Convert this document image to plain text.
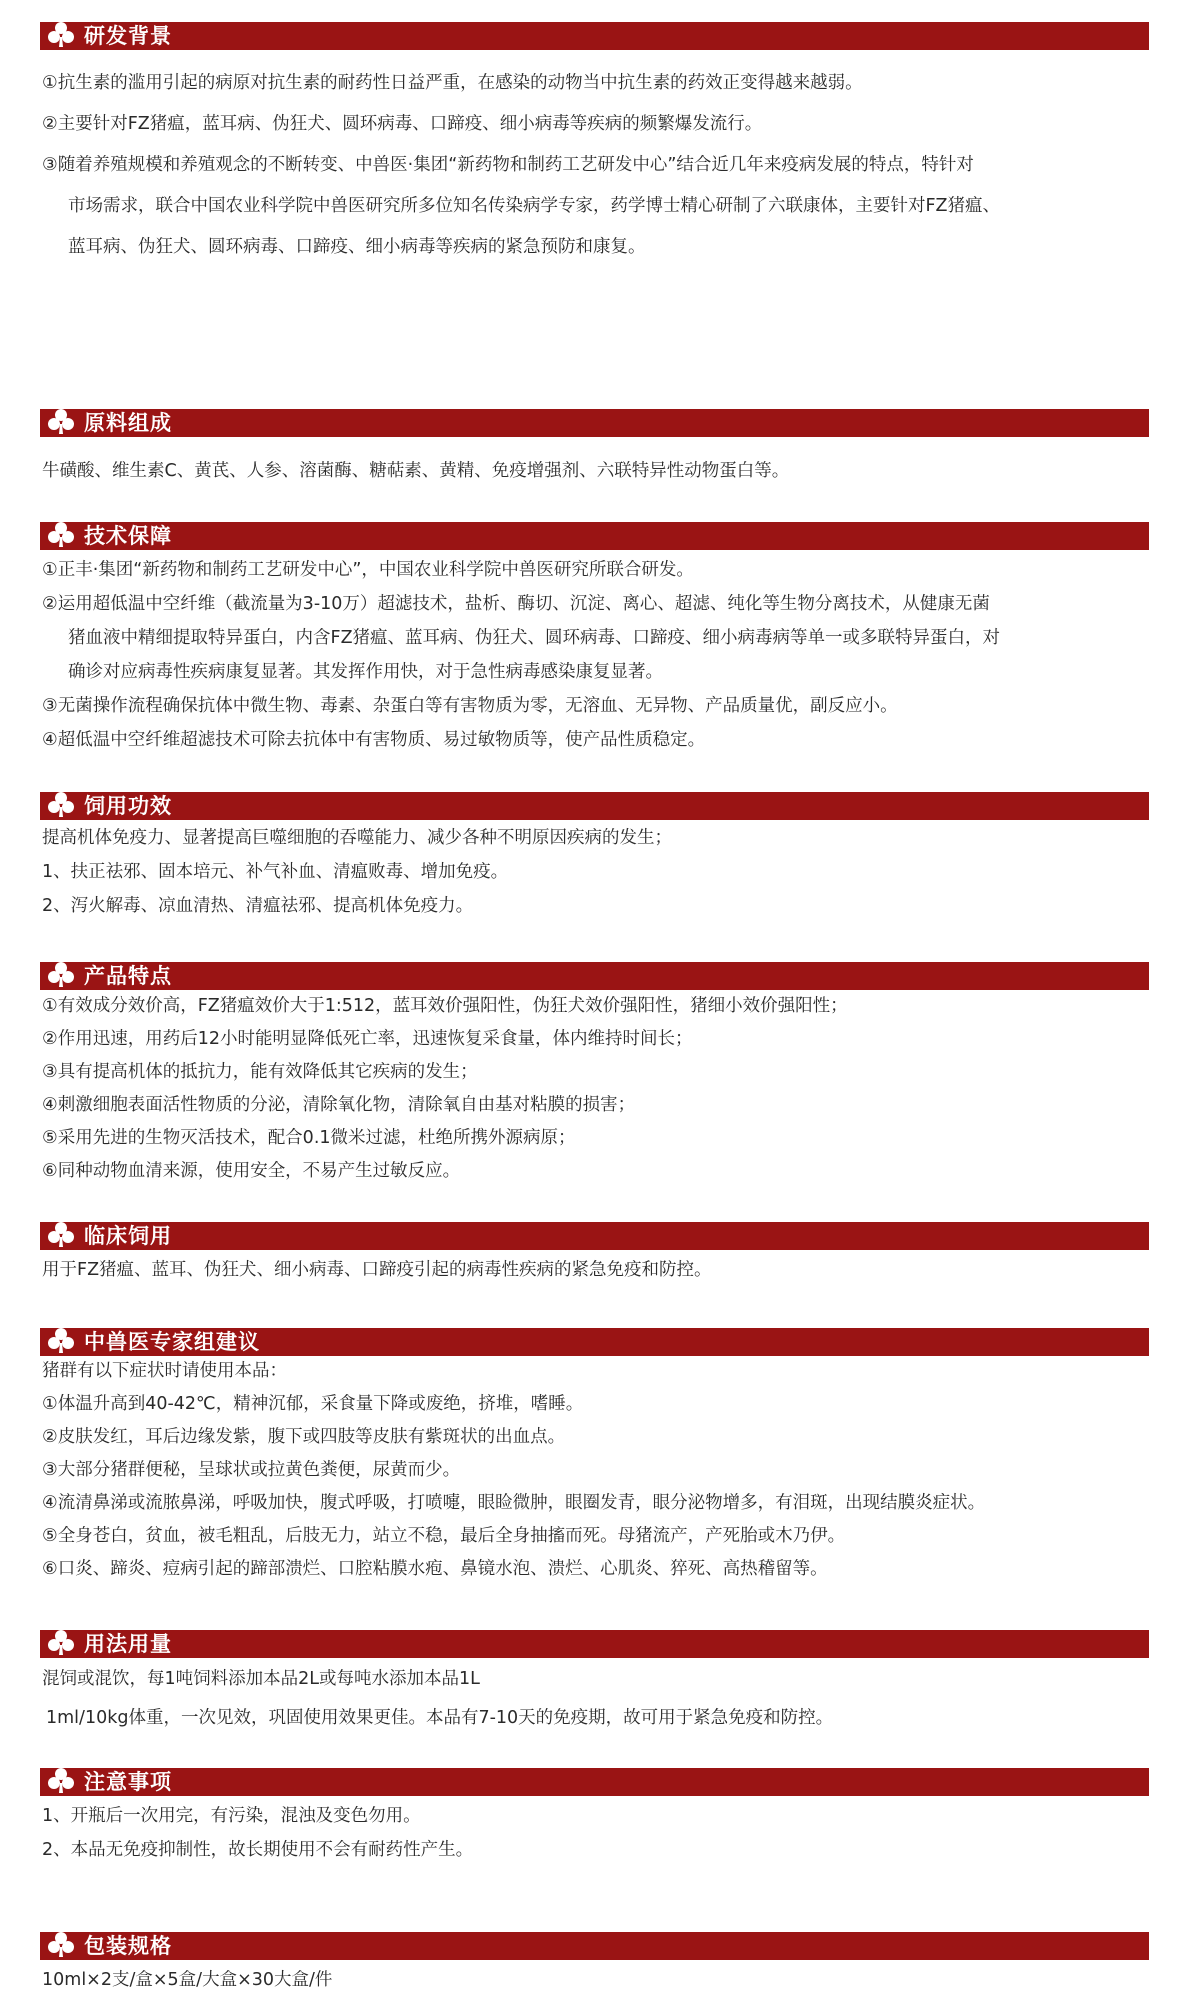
研发背景
①抗生素的滥用引起的病原对抗生素的耐药性日益严重，在感染的动物当中抗生素的药效正变得越来越弱。
②主要针对FZ猪瘟，蓝耳病、伪狂犬、圆环病毒、口蹄疫、细小病毒等疾病的频繁爆发流行。
③随着养殖规模和养殖观念的不断转变、中兽医·集团“新药物和制药工艺研发中心”结合近几年来疫病发展的特点，特针对
市场需求，联合中国农业科学院中兽医研究所多位知名传染病学专家，药学博士精心研制了六联康体，主要针对FZ猪瘟、
蓝耳病、伪狂犬、圆环病毒、口蹄疫、细小病毒等疾病的紧急预防和康复。
原料组成
牛磺酸、维生素C、黄芪、人参、溶菌酶、糖萜素、黄精、免疫增强剂、六联特异性动物蛋白等。
技术保障
①正丰·集团“新药物和制药工艺研发中心”，中国农业科学院中兽医研究所联合研发。
②运用超低温中空纤维（截流量为3-10万）超滤技术，盐析、酶切、沉淀、离心、超滤、纯化等生物分离技术，从健康无菌
猪血液中精细提取特异蛋白，内含FZ猪瘟、蓝耳病、伪狂犬、圆环病毒、口蹄疫、细小病毒病等单一或多联特异蛋白，对
确诊对应病毒性疾病康复显著。其发挥作用快，对于急性病毒感染康复显著。
③无菌操作流程确保抗体中微生物、毒素、杂蛋白等有害物质为零，无溶血、无异物、产品质量优，副反应小。
④超低温中空纤维超滤技术可除去抗体中有害物质、易过敏物质等，使产品性质稳定。
饲用功效
提高机体免疫力、显著提高巨噬细胞的吞噬能力、减少各种不明原因疾病的发生；
1、扶正祛邪、固本培元、补气补血、清瘟败毒、增加免疫。
2、泻火解毒、凉血清热、清瘟祛邪、提高机体免疫力。
产品特点
①有效成分效价高，FZ猪瘟效价大于1:512，蓝耳效价强阳性，伪狂犬效价强阳性，猪细小效价强阳性；
②作用迅速，用药后12小时能明显降低死亡率，迅速恢复采食量，体内维持时间长；
③具有提高机体的抵抗力，能有效降低其它疾病的发生；
④刺激细胞表面活性物质的分泌，清除氧化物，清除氧自由基对粘膜的损害；
⑤采用先进的生物灭活技术，配合0.1微米过滤，杜绝所携外源病原；
⑥同种动物血清来源，使用安全，不易产生过敏反应。
临床饲用
用于FZ猪瘟、蓝耳、伪狂犬、细小病毒、口蹄疫引起的病毒性疾病的紧急免疫和防控。
中兽医专家组建议
猪群有以下症状时请使用本品：
①体温升高到40-42℃，精神沉郁，采食量下降或废绝，挤堆，嗜睡。
②皮肤发红，耳后边缘发紫，腹下或四肢等皮肤有紫斑状的出血点。
③大部分猪群便秘，呈球状或拉黄色粪便，尿黄而少。
④流清鼻涕或流脓鼻涕，呼吸加快，腹式呼吸，打喷嚏，眼睑微肿，眼圈发青，眼分泌物增多，有泪斑，出现结膜炎症状。
⑤全身苍白，贫血，被毛粗乱，后肢无力，站立不稳，最后全身抽搐而死。母猪流产，产死胎或木乃伊。
⑥口炎、蹄炎、痘病引起的蹄部溃烂、口腔粘膜水疱、鼻镜水泡、溃烂、心肌炎、猝死、高热稽留等。
用法用量
混饲或混饮，每1吨饲料添加本品2L或每吨水添加本品1L
1ml/10kg体重，一次见效，巩固使用效果更佳。本品有7-10天的免疫期，故可用于紧急免疫和防控。
注意事项
1、开瓶后一次用完，有污染，混浊及变色勿用。
2、本品无免疫抑制性，故长期使用不会有耐药性产生。
包装规格
10ml×2支/盒×5盒/大盒×30大盒/件
